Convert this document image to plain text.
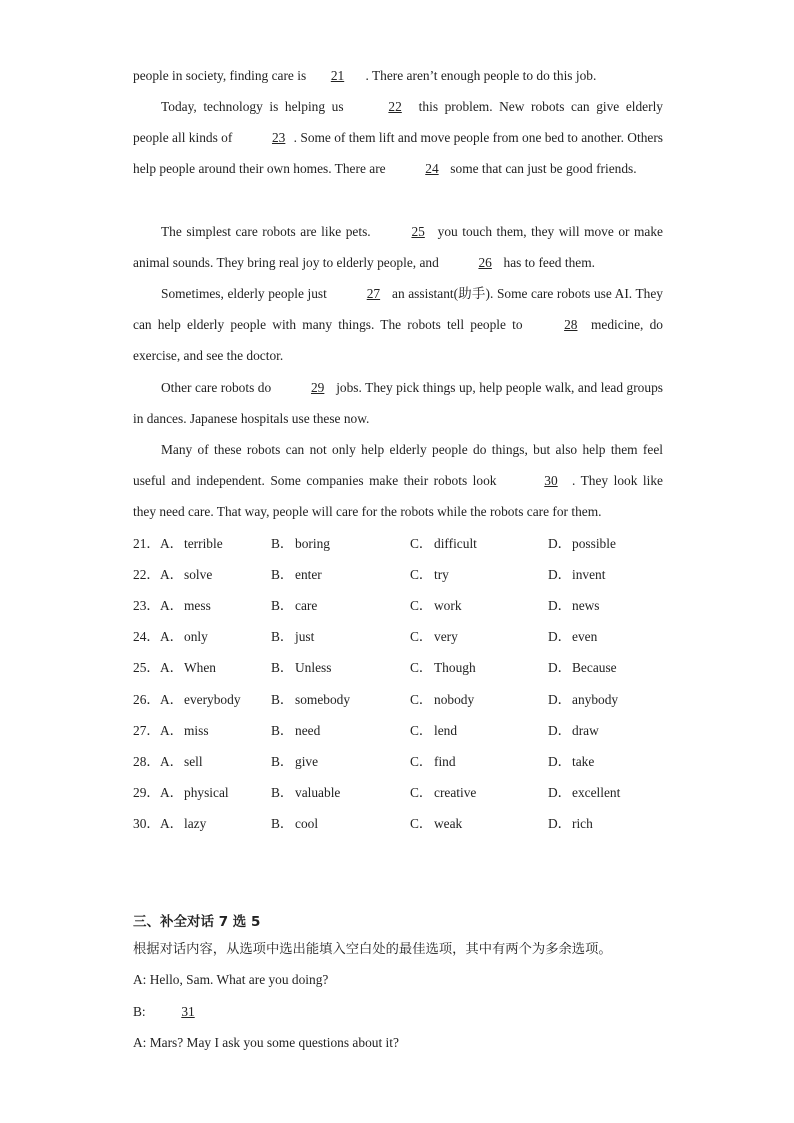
people in society, finding care is 21 . There aren’t enough people to do this job.
Today, technology is helping us	22 this problem. New robots can give elderly people all kinds of	23 . Some of them lift and move people from one bed to another. Others help people around their own homes. There are	24 some that can just be good friends.
The simplest care robots are like pets.	25 you touch them, they will move or make animal sounds. They bring real joy to elderly people, and	26 has to feed them.
Sometimes, elderly people just	27 an assistant(助手). Some care robots use AI. They can help elderly people with many things. The robots tell people to	28 medicine, do exercise, and see the doctor.
Other care robots do	29 jobs. They pick things up, help people walk, and lead groups in dances. Japanese hospitals use these now.
Many of these robots can not only help elderly people do things, but also help them feel useful and independent. Some companies make their robots look	30 . They look like they need care. That way, people will care for the robots while the robots care for them.
21． A．terrible	B． boring	C． difficult	D．possible
22． A．solve	B． enter	C． try	D．invent
23． A．mess	B． care	C． work	D．news
24． A．only	B． just	C． very	D．even
25． A．When	B． Unless	C． Though	D．Because
26． A．everybody B． somebody	C． nobody	D．anybody
27． A．miss	B． need	C． lend	D．draw
28． A．sell	B． give	C． find	D．take
29． A．physical	B． valuable	C． creative	D．excellent
30． A．lazy	B． cool	C． weak	D．rich
三、补全对话 7 选 5
根据对话内容，从选项中选出能填入空白处的最佳选项，其中有两个为多余选项。
A: Hello, Sam. What are you doing?
B:	31
A: Mars? May I ask you some questions about it?
